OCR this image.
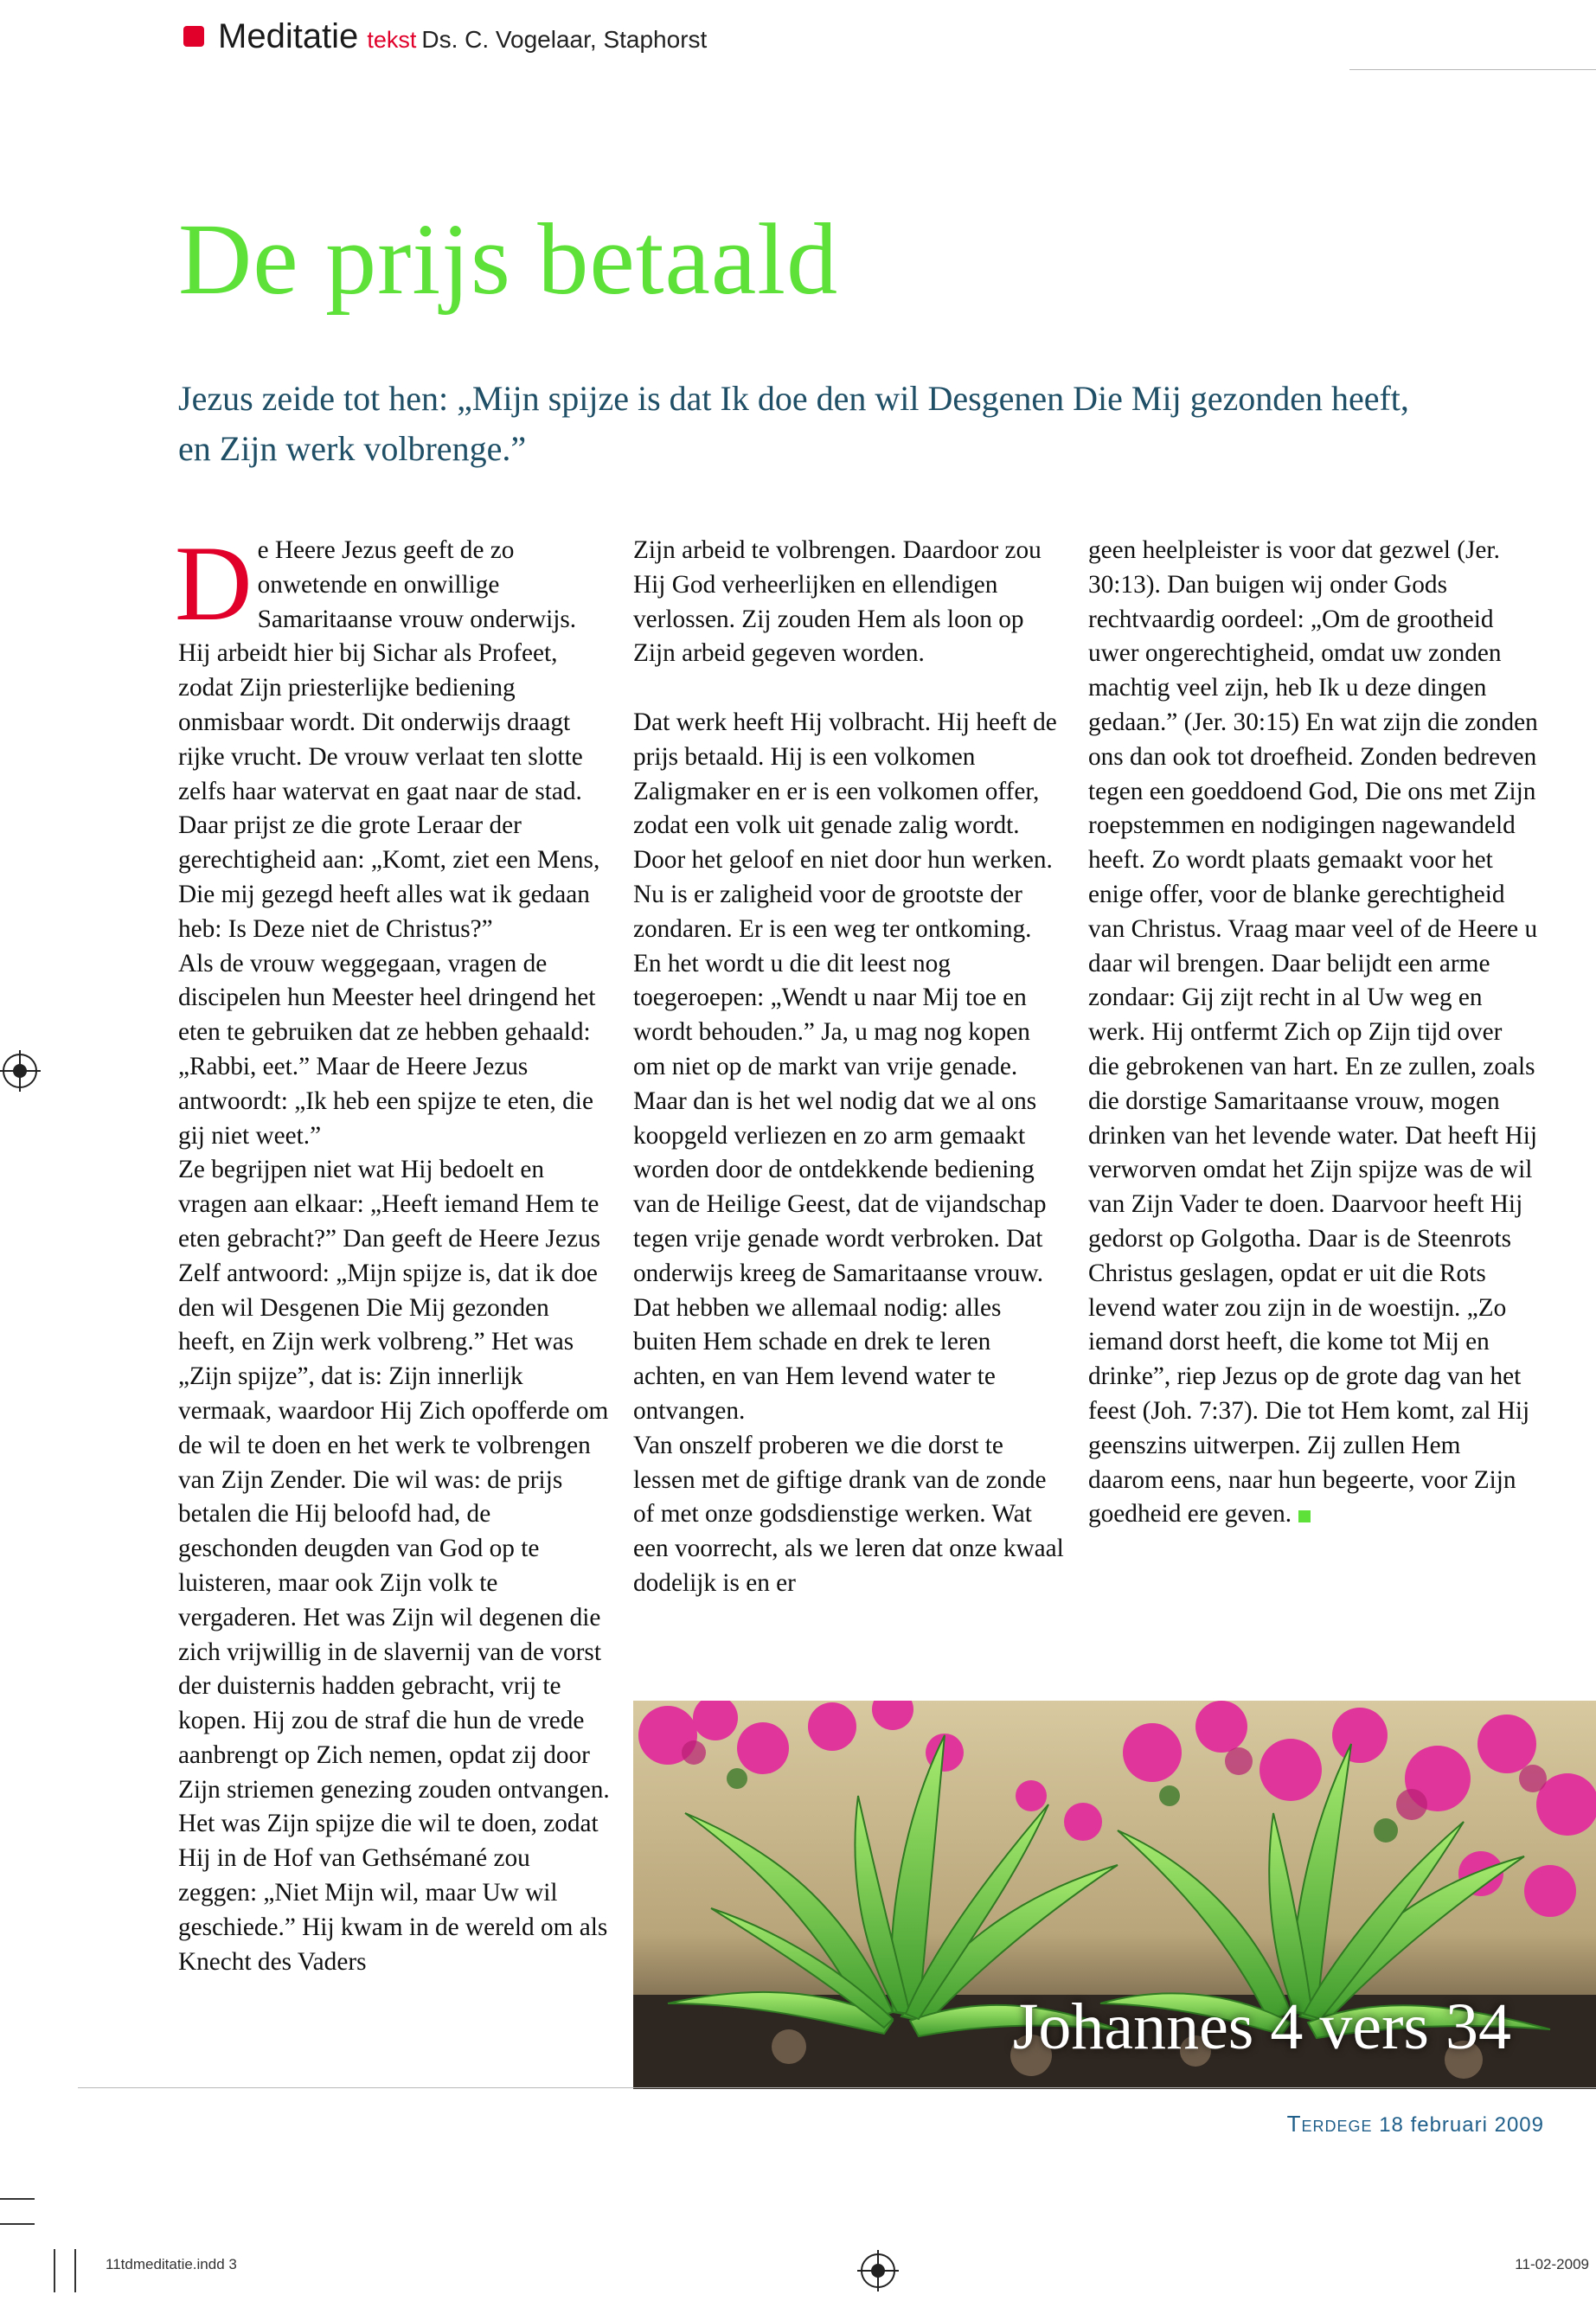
Meditatie tekst Ds. C. Vogelaar, Staphorst
De prijs betaald
Jezus zeide tot hen: „Mijn spijze is dat Ik doe den wil Desgenen Die Mij gezonden heeft, en Zijn werk volbrenge.”
D e Heere Jezus geeft de zo onwetende en onwillige Samaritaanse vrouw onderwijs. Hij arbeidt hier bij Sichar als Profeet, zodat Zijn priesterlijke bediening onmisbaar wordt. Dit onderwijs draagt rijke vrucht. De vrouw verlaat ten slotte zelfs haar watervat en gaat naar de stad. Daar prijst ze die grote Leraar der gerechtigheid aan: „Komt, ziet een Mens, Die mij gezegd heeft alles wat ik gedaan heb: Is Deze niet de Christus?”

Als de vrouw weggegaan, vragen de discipelen hun Meester heel dringend het eten te gebruiken dat ze hebben gehaald: „Rabbi, eet.” Maar de Heere Jezus antwoordt: „Ik heb een spijze te eten, die gij niet weet.”

Ze begrijpen niet wat Hij bedoelt en vragen aan elkaar: „Heeft iemand Hem te eten gebracht?” Dan geeft de Heere Jezus Zelf antwoord: „Mijn spijze is, dat ik doe den wil Desgenen Die Mij gezonden heeft, en Zijn werk volbreng.” Het was „Zijn spijze”, dat is: Zijn innerlijk vermaak, waardoor Hij Zich opofferde om de wil te doen en het werk te volbrengen van Zijn Zender. Die wil was: de prijs betalen die Hij beloofd had, de geschonden deugden van God op te luisteren, maar ook Zijn volk te vergaderen. Het was Zijn wil degenen die zich vrijwillig in de slavernij van de vorst der duisternis hadden gebracht, vrij te kopen. Hij zou de straf die hun de vrede aanbrengt op Zich nemen, opdat zij door Zijn striemen genezing zouden ontvangen. Het was Zijn spijze die wil te doen, zodat Hij in de Hof van Gethsémané zou zeggen: „Niet Mijn wil, maar Uw wil geschiede.” Hij kwam in de wereld om als Knecht des Vaders

Zijn arbeid te volbrengen. Daardoor zou Hij God verheerlijken en ellendigen verlossen. Zij zouden Hem als loon op Zijn arbeid gegeven worden.

Dat werk heeft Hij volbracht. Hij heeft de prijs betaald. Hij is een volkomen Zaligmaker en er is een volkomen offer, zodat een volk uit genade zalig wordt. Door het geloof en niet door hun werken. Nu is er zaligheid voor de grootste der zondaren. Er is een weg ter ontkoming. En het wordt u die dit leest nog toegeroepen: „Wendt u naar Mij toe en wordt behouden.” Ja, u mag nog kopen om niet op de markt van vrije genade. Maar dan is het wel nodig dat we al ons koopgeld verliezen en zo arm gemaakt worden door de ontdekkende bediening van de Heilige Geest, dat de vijandschap tegen vrije genade wordt verbroken. Dat onderwijs kreeg de Samaritaanse vrouw. Dat hebben we allemaal nodig: alles buiten Hem schade en drek te leren achten, en van Hem levend water te ontvangen.

Van onszelf proberen we die dorst te lessen met de giftige drank van de zonde of met onze godsdienstige werken. Wat een voorrecht, als we leren dat onze kwaal dodelijk is en er

geen heelpleister is voor dat gezwel (Jer. 30:13). Dan buigen wij onder Gods rechtvaardig oordeel: „Om de grootheid uwer ongerechtigheid, omdat uw zonden machtig veel zijn, heb Ik u deze dingen gedaan.” (Jer. 30:15) En wat zijn die zonden ons dan ook tot droefheid. Zonden bedreven tegen een goeddoend God, Die ons met Zijn roepstemmen en nodigingen nagewandeld heeft. Zo wordt plaats gemaakt voor het enige offer, voor de blanke gerechtigheid van Christus. Vraag maar veel of de Heere u daar wil brengen. Daar belijdt een arme zondaar: Gij zijt recht in al Uw weg en werk. Hij ontfermt Zich op Zijn tijd over die gebrokenen van hart. En ze zullen, zoals die dorstige Samaritaanse vrouw, mogen drinken van het levende water. Dat heeft Hij verworven omdat het Zijn spijze was de wil van Zijn Vader te doen. Daarvoor heeft Hij gedorst op Golgotha. Daar is de Steenrots Christus geslagen, opdat er uit die Rots levend water zou zijn in de woestijn. „Zo iemand dorst heeft, die kome tot Mij en drinke”, riep Jezus op de grote dag van het feest (Joh. 7:37). Die tot Hem komt, zal Hij geenszins uitwerpen. Zij zullen Hem daarom eens, naar hun begeerte, voor Zijn goedheid ere geven.

Johannes 4 vers 34
Terdege 18 februari 2009
11tdmeditatie.indd 3	11-02-2009
